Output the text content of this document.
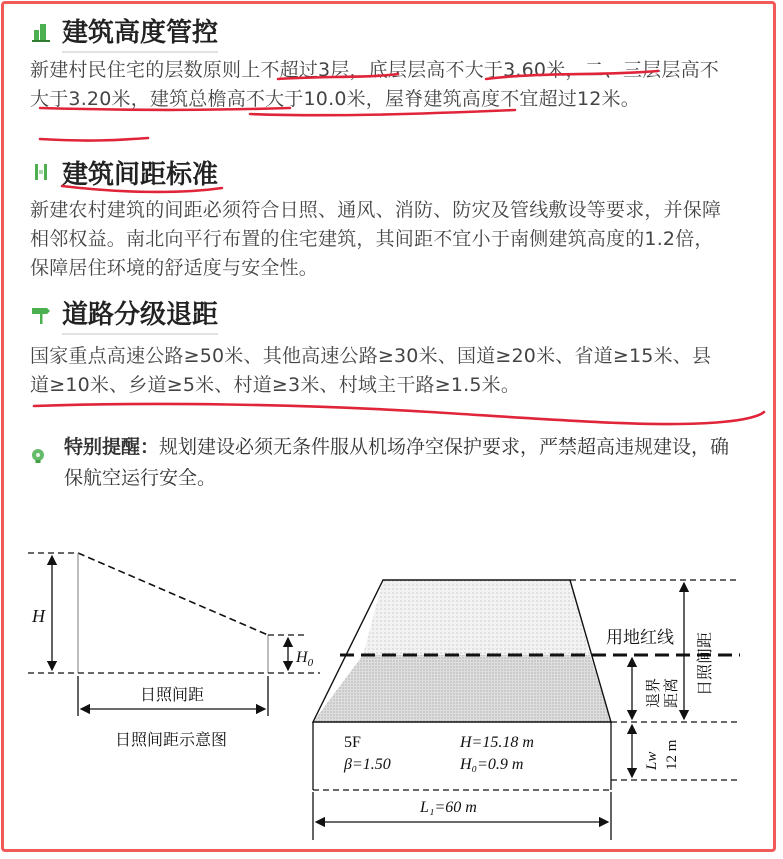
建筑高度管控
新建村民住宅的层数原则上不超过3层，底层层高不大于3.60米，二、三层层高不大于3.20米，建筑总檐高不大于10.0米，屋脊建筑高度不宜超过12米。
建筑间距标准
新建农村建筑的间距必须符合日照、通风、消防、防灾及管线敷设等要求，并保障相邻权益。南北向平行布置的住宅建筑，其间距不宜小于南侧建筑高度的1.2倍，保障居住环境的舒适度与安全性。
道路分级退距
国家重点高速公路≥50米、其他高速公路≥30米、国道≥20米、省道≥15米、县道≥10米、乡道≥5米、村道≥3米、村域主干路≥1.5米。
特别提醒：规划建设必须无条件服从机场净空保护要求，严禁超高违规建设，确保航空运行安全。
H
$H_0$
日照间距
日照间距示意图
用地红线 日照间距
退界 距离
5F
β=1.50
H=15.18 m
H₀=0.9 m	Lw 12 m
L₁=60 m
